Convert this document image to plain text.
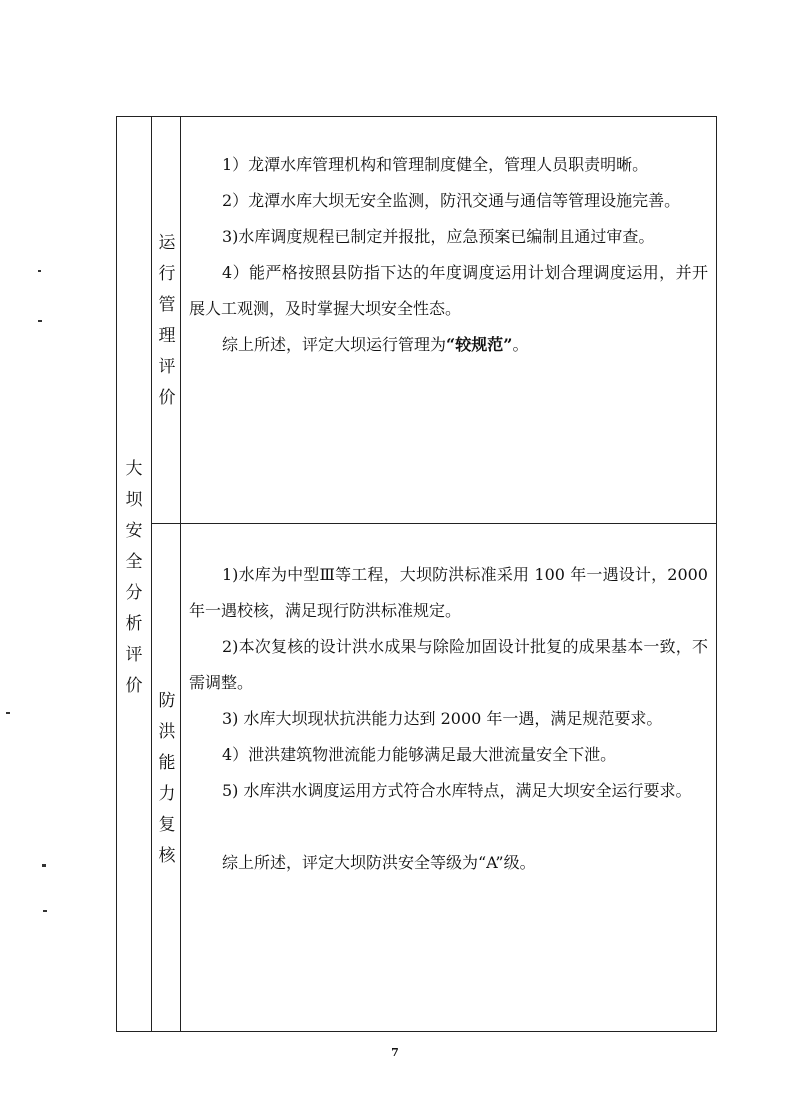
大
坝
安
全
分
析
评
价
运
行
管
理
评
价
防
洪
能
力
复
核

1）龙潭水库管理机构和管理制度健全，管理人员职责明晰。

2）龙潭水库大坝无安全监测，防汛交通与通信等管理设施完善。

3)水库调度规程已制定并报批，应急预案已编制且通过审查。

4）能严格按照县防指下达的年度调度运用计划合理调度运用，并开展人工观测，及时掌握大坝安全性态。

综上所述，评定大坝运行管理为“较规范”。

1)水库为中型Ⅲ等工程，大坝防洪标准采用 100 年一遇设计，2000 年一遇校核，满足现行防洪标准规定。

2)本次复核的设计洪水成果与除险加固设计批复的成果基本一致，不需调整。

3) 水库大坝现状抗洪能力达到 2000 年一遇，满足规范要求。

4）泄洪建筑物泄流能力能够满足最大泄流量安全下泄。

5) 水库洪水调度运用方式符合水库特点，满足大坝安全运行要求。

综上所述，评定大坝防洪安全等级为“A”级。

7
